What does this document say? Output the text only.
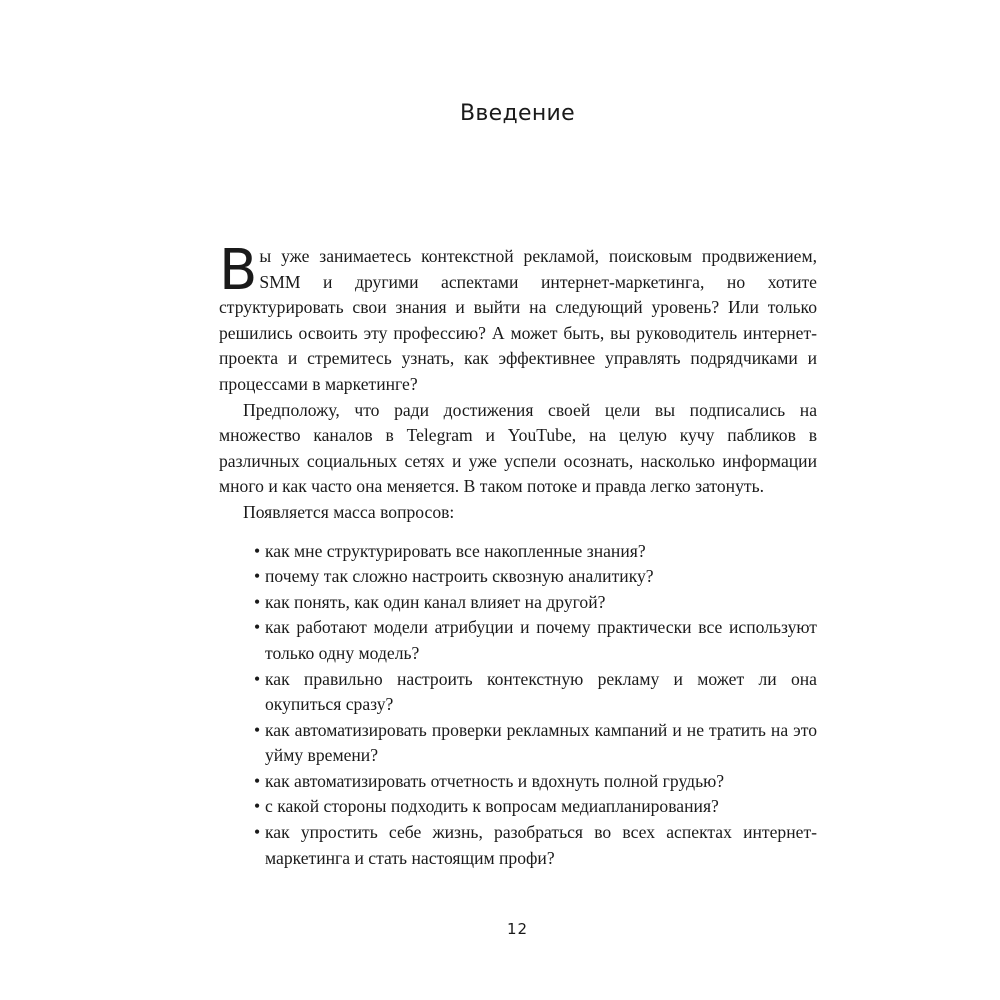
Введение

Вы уже занимаетесь контекстной рекламой, поисковым продвижением, SMM и другими аспектами интернет-маркетинга, но хотите структурировать свои знания и выйти на следующий уровень? Или только решились освоить эту профессию? А может быть, вы руководитель интернет-проекта и стремитесь узнать, как эффективнее управлять подрядчиками и процессами в маркетинге?

Предположу, что ради достижения своей цели вы подписались на множество каналов в Telegram и YouTube, на целую кучу пабликов в различных социальных сетях и уже успели осознать, насколько информации много и как часто она меняется. В таком потоке и правда легко затонуть.

Появляется масса вопросов:

• как мне структурировать все накопленные знания?
• почему так сложно настроить сквозную аналитику?
• как понять, как один канал влияет на другой?
• как работают модели атрибуции и почему практически все используют только одну модель?
• как правильно настроить контекстную рекламу и может ли она окупиться сразу?
• как автоматизировать проверки рекламных кампаний и не тратить на это уйму времени?
• как автоматизировать отчетность и вдохнуть полной грудью?
• с какой стороны подходить к вопросам медиапланирования?
• как упростить себе жизнь, разобраться во всех аспектах интернет-маркетинга и стать настоящим профи?
12
